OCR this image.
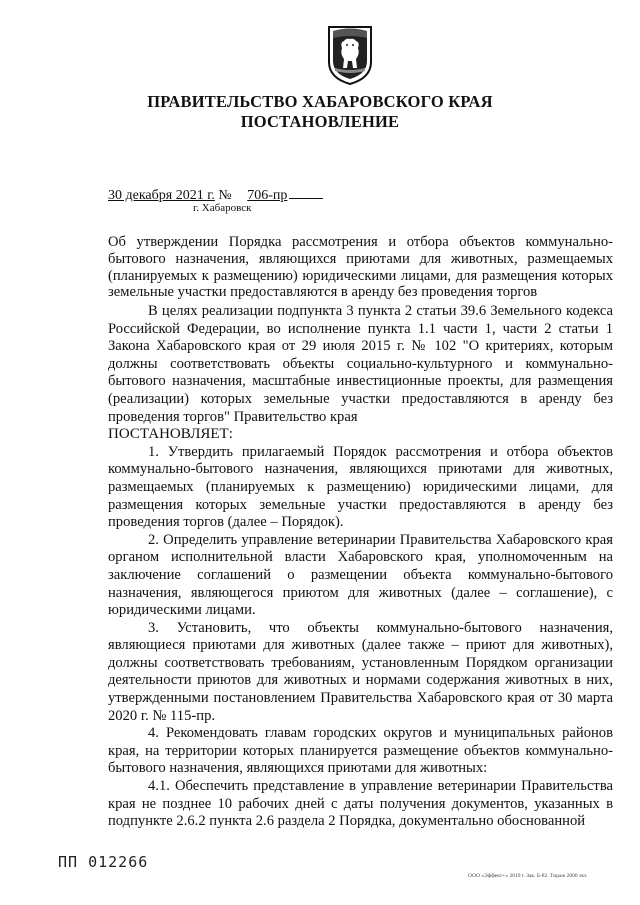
ПРАВИТЕЛЬСТВО ХАБАРОВСКОГО КРАЯ
ПОСТАНОВЛЕНИЕ
30 декабря 2021 г. № 706-пр
г. Хабаровск
Об утверждении Порядка рассмотрения и отбора объектов коммунально-бытового назначения, являющихся приютами для животных, размещаемых (планируемых к размещению) юридическими лицами, для размещения которых земельные участки предоставляются в аренду без проведения торгов

В целях реализации подпункта 3 пункта 2 статьи 39.6 Земельного кодекса Российской Федерации, во исполнение пункта 1.1 части 1, части 2 статьи 1 Закона Хабаровского края от 29 июля 2015 г. № 102 "О критериях, которым должны соответствовать объекты социально-культурного и коммунально-бытового назначения, масштабные инвестиционные проекты, для размещения (реализации) которых земельные участки предоставляются в аренду без проведения торгов" Правительство края

ПОСТАНОВЛЯЕТ:

1. Утвердить прилагаемый Порядок рассмотрения и отбора объектов коммунально-бытового назначения, являющихся приютами для животных, размещаемых (планируемых к размещению) юридическими лицами, для размещения которых земельные участки предоставляются в аренду без проведения торгов (далее – Порядок).

2. Определить управление ветеринарии Правительства Хабаровского края органом исполнительной власти Хабаровского края, уполномоченным на заключение соглашений о размещении объекта коммунально-бытового назначения, являющегося приютом для животных (далее – соглашение), с юридическими лицами.

3. Установить, что объекты коммунально-бытового назначения, являющиеся приютами для животных (далее также – приют для животных), должны соответствовать требованиям, установленным Порядком организации деятельности приютов для животных и нормами содержания животных в них, утвержденными постановлением Правительства Хабаровского края от 30 марта 2020 г. № 115-пр.

4. Рекомендовать главам городских округов и муниципальных районов края, на территории которых планируется размещение объектов коммунально-бытового назначения, являющихся приютами для животных:

4.1. Обеспечить представление в управление ветеринарии Правительства края не позднее 10 рабочих дней с даты получения документов, указанных в подпункте 2.6.2 пункта 2.6 раздела 2 Порядка, документально обоснованной

ПП 012266
ООО «Эффект+» 2019 г. Зак. Б-82. Тираж 2000 экз.
